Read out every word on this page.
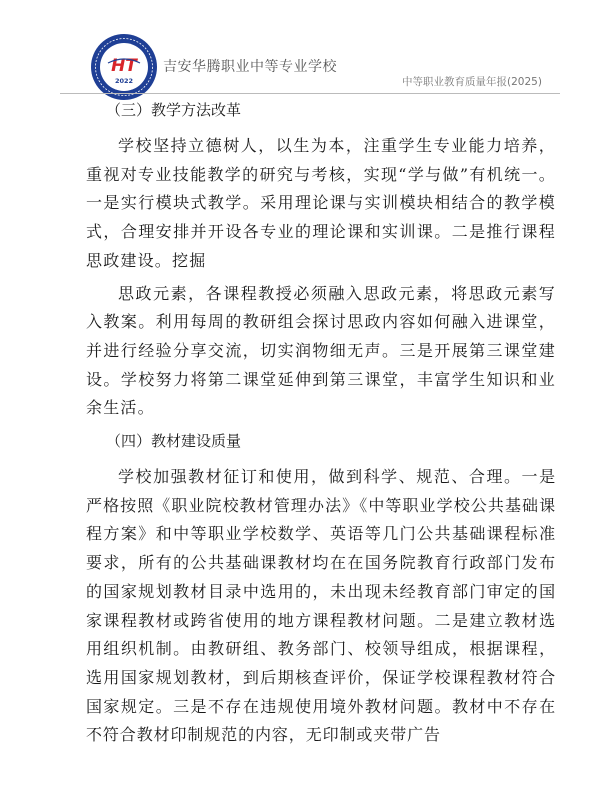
HT
2022
吉安华腾职业中等专业学校
中等职业教育质量年报(2025)
（三）教学方法改革

学校坚持立德树人，以生为本，注重学生专业能力培养，重视对专业技能教学的研究与考核，实现“学与做”有机统一。一是实行模块式教学。采用理论课与实训模块相结合的教学模式，合理安排并开设各专业的理论课和实训课。二是推行课程思政建设。挖掘

思政元素，各课程教授必须融入思政元素，将思政元素写入教案。利用每周的教研组会探讨思政内容如何融入进课堂，并进行经验分享交流，切实润物细无声。三是开展第三课堂建设。学校努力将第二课堂延伸到第三课堂，丰富学生知识和业余生活。

（四）教材建设质量

学校加强教材征订和使用，做到科学、规范、合理。一是严格按照《职业院校教材管理办法》《中等职业学校公共基础课程方案》和中等职业学校数学、英语等几门公共基础课程标准要求，所有的公共基础课教材均在在国务院教育行政部门发布的国家规划教材目录中选用的，未出现未经教育部门审定的国家课程教材或跨省使用的地方课程教材问题。二是建立教材选用组织机制。由教研组、教务部门、校领导组成，根据课程，选用国家规划教材，到后期核查评价，保证学校课程教材符合国家规定。三是不存在违规使用境外教材问题。教材中不存在不符合教材印制规范的内容，无印制或夹带广告
